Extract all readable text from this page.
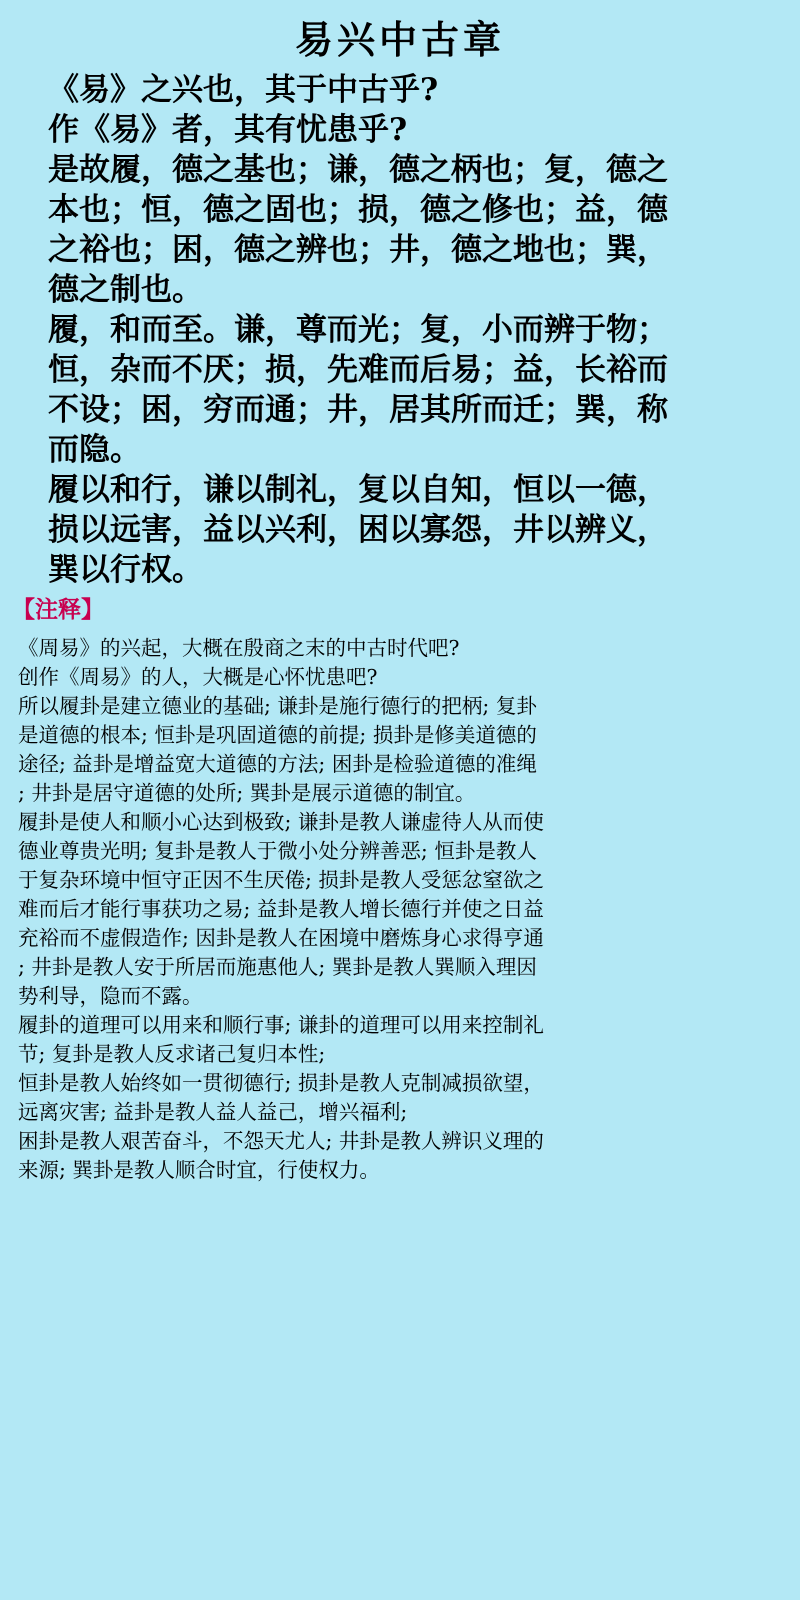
易兴中古章

《易》之兴也，其于中古乎?

作《易》者，其有忧患乎?

是故履，德之基也；谦，德之柄也；复，德之

本也；恒，德之固也；损，德之修也；益，德

之裕也；困，德之辨也；井，德之地也；巽，

德之制也。

履，和而至。谦，尊而光；复，小而辨于物；

恒，杂而不厌；损，先难而后易；益，长裕而

不设；困，穷而通；井，居其所而迁；巽，称

而隐。

履以和行，谦以制礼，复以自知，恒以一德，

损以远害，益以兴利，困以寡怨，井以辨义，

巽以行权。

【注释】

《周易》的兴起，大概在殷商之末的中古时代吧?

创作《周易》的人，大概是心怀忧患吧?

所以履卦是建立德业的基础; 谦卦是施行德行的把柄; 复卦

是道德的根本; 恒卦是巩固道德的前提; 损卦是修美道德的

途径; 益卦是增益宽大道德的方法; 困卦是检验道德的准绳

; 井卦是居守道德的处所; 巽卦是展示道德的制宜。

履卦是使人和顺小心达到极致; 谦卦是教人谦虚待人从而使

德业尊贵光明; 复卦是教人于微小处分辨善恶; 恒卦是教人

于复杂环境中恒守正因不生厌倦; 损卦是教人受惩忿窒欲之

难而后才能行事获功之易; 益卦是教人增长德行并使之日益

充裕而不虚假造作; 因卦是教人在困境中磨炼身心求得亨通

; 井卦是教人安于所居而施惠他人; 巽卦是教人巽顺入理因

势利导，隐而不露。

履卦的道理可以用来和顺行事; 谦卦的道理可以用来控制礼

节; 复卦是教人反求诸己复归本性;

恒卦是教人始终如一贯彻德行; 损卦是教人克制减损欲望，

远离灾害; 益卦是教人益人益己，增兴福利;

困卦是教人艰苦奋斗，不怨天尤人; 井卦是教人辨识义理的

来源; 巽卦是教人顺合时宜，行使权力。
